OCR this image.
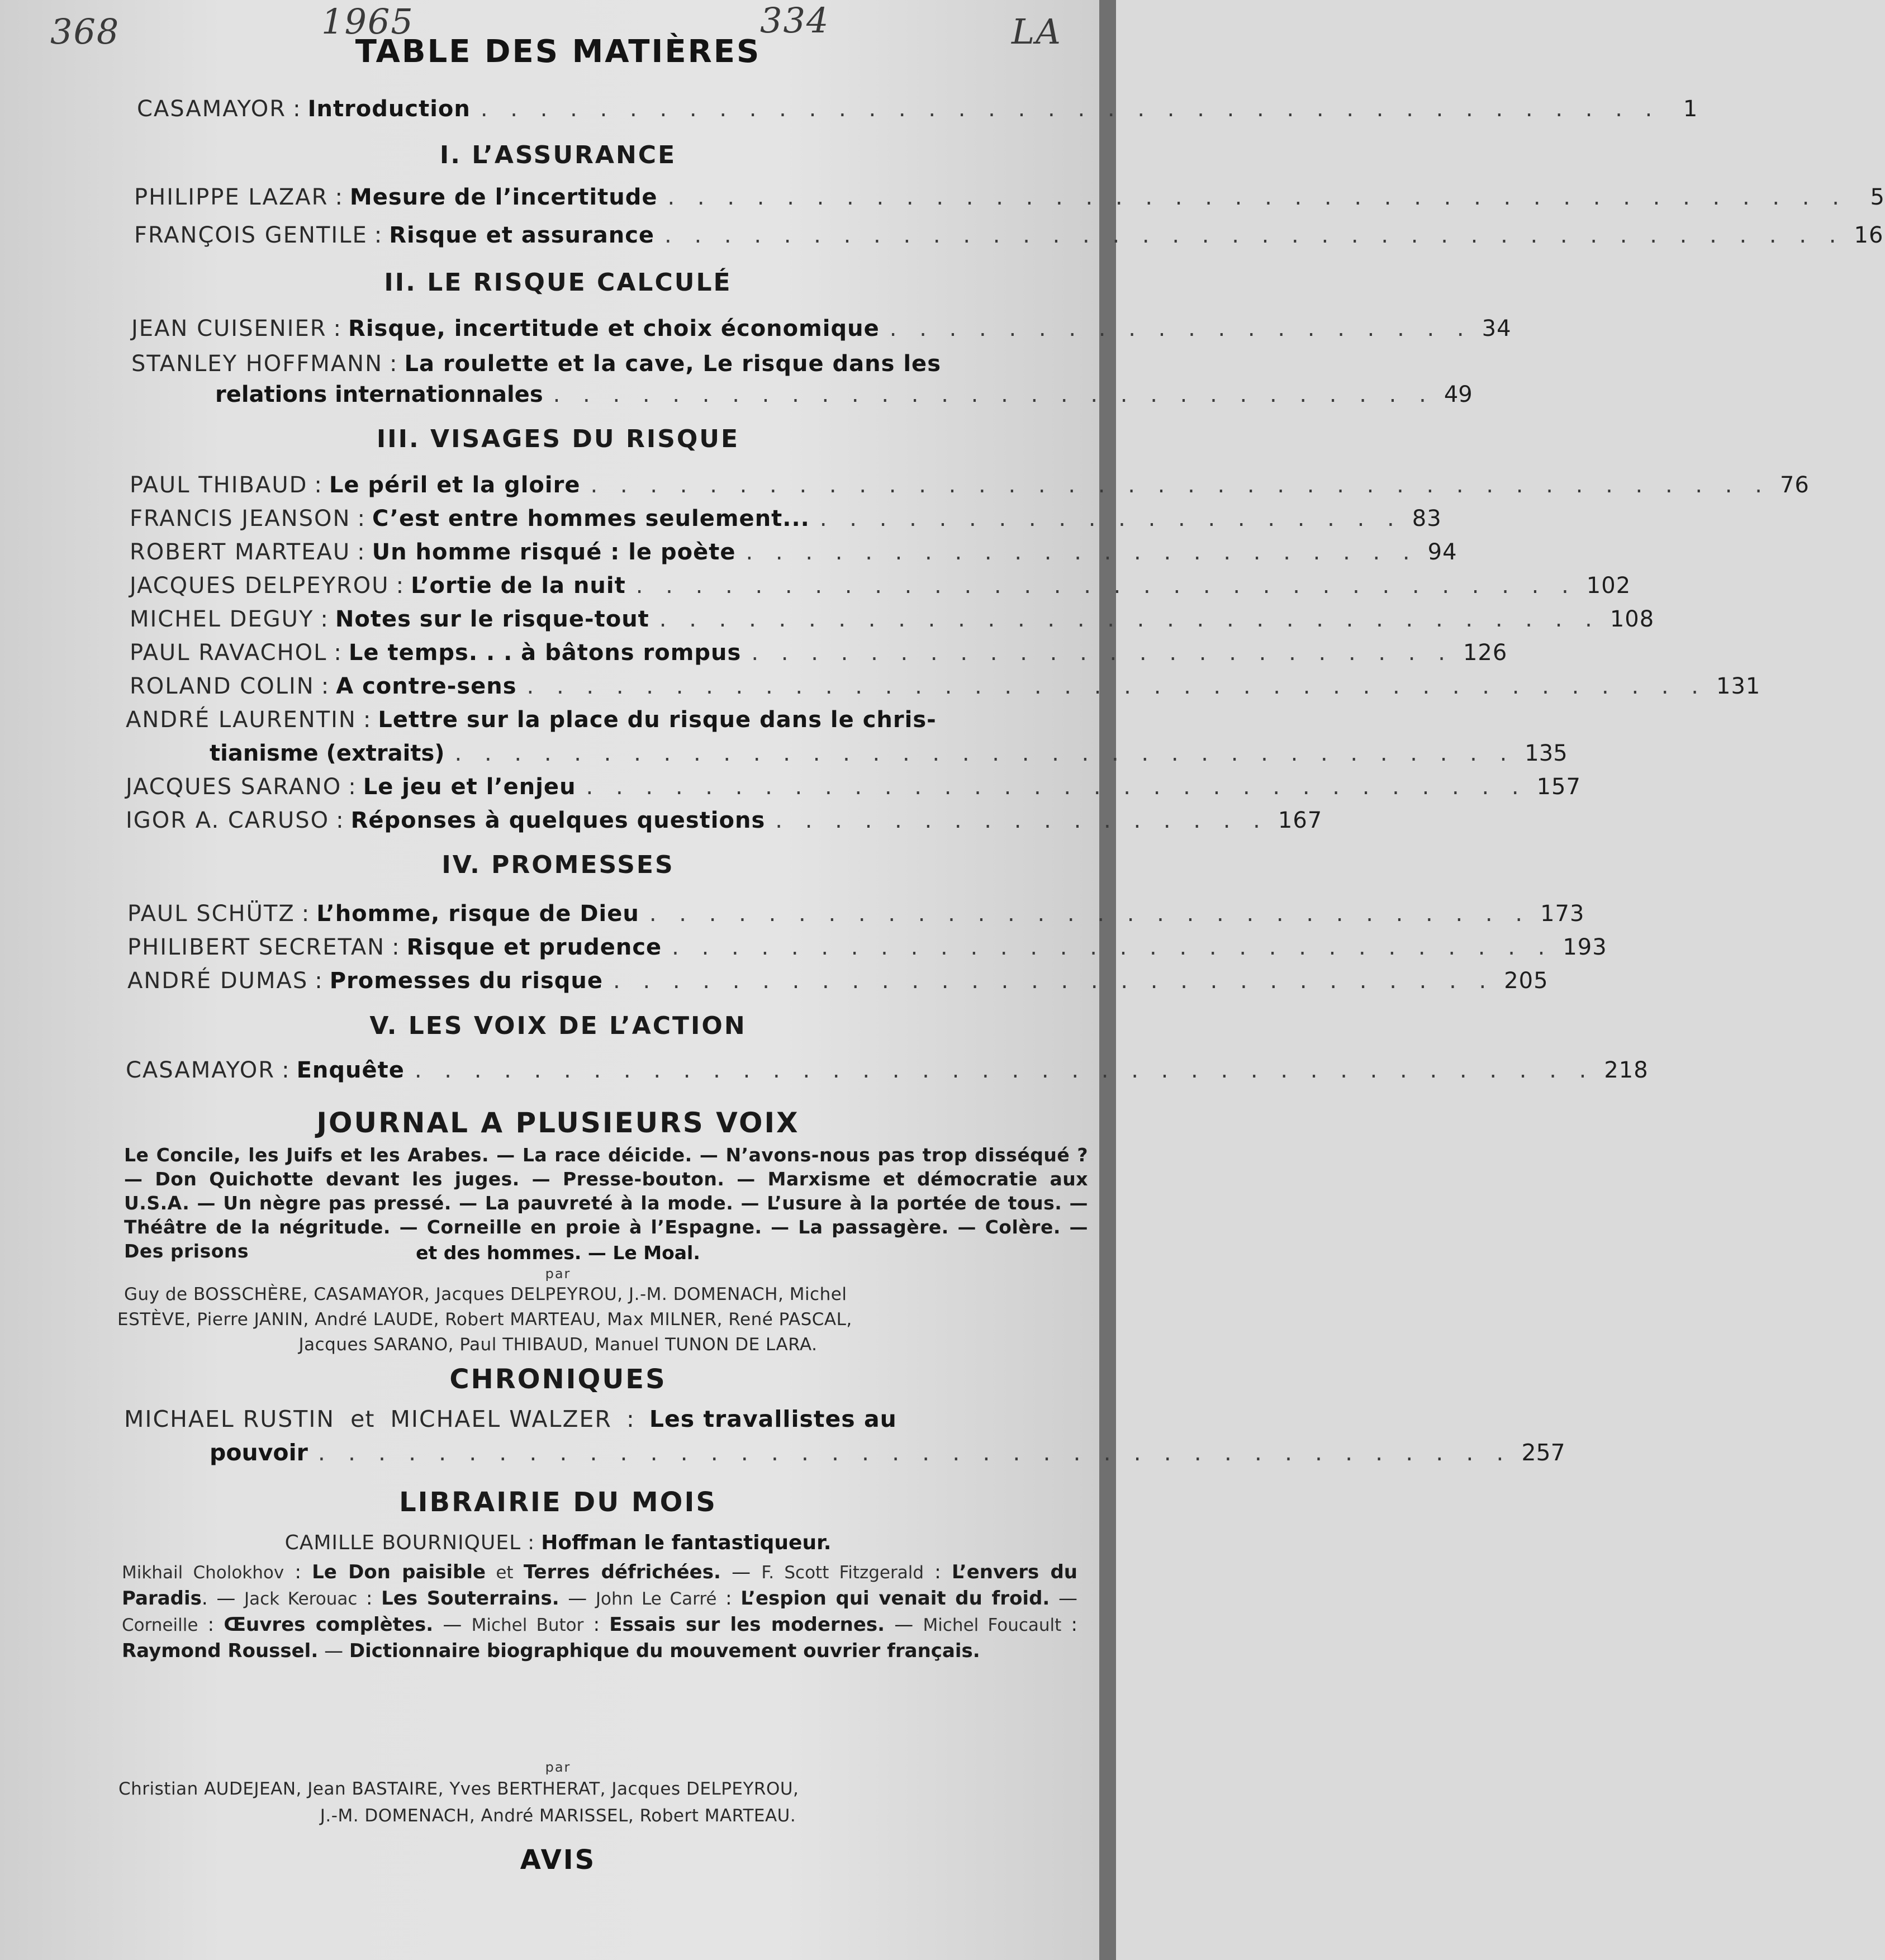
368	1965	334	LA
TABLE DES MATIÈRES
CASAMAYOR : Introduction . . . . . . . . . . . . . . . . . . . . . . . . . . . . . . . . . . . . . . . .	1
I. L’ASSURANCE
PHILIPPE LAZAR : Mesure de l’incertitude . . . . . . . . . . . . . . . . . . . . . . . . . . . . . . . . . . . . . . . .	5
FRANÇOIS GENTILE : Risque et assurance . . . . . . . . . . . . . . . . . . . . . . . . . . . . . . . . . . . . . . . . 16
II. LE RISQUE CALCULÉ
JEAN CUISENIER : Risque, incertitude et choix économique . . . . . . . . . . . . . . . . . . . . 34
STANLEY HOFFMANN : La roulette et la cave, Le risque dans les
relations internationnales . . . . . . . . . . . . . . . . . . . . . . . . . . . . . . 49
III. VISAGES DU RISQUE
PAUL THIBAUD : Le péril et la gloire . . . . . . . . . . . . . . . . . . . . . . . . . . . . . . . . . . . . . . . . 76
FRANCIS JEANSON : C’est entre hommes seulement... . . . . . . . . . . . . . . . . . . . . 83
ROBERT MARTEAU : Un homme risqué : le poète . . . . . . . . . . . . . . . . . . . . . . . 94
JACQUES DELPEYROU : L’ortie de la nuit . . . . . . . . . . . . . . . . . . . . . . . . . . . . . . . . 102
MICHEL DEGUY : Notes sur le risque-tout . . . . . . . . . . . . . . . . . . . . . . . . . . . . . . . . 108
PAUL RAVACHOL : Le temps. . . à bâtons rompus . . . . . . . . . . . . . . . . . . . . . . . . 126
ROLAND COLIN : A contre-sens . . . . . . . . . . . . . . . . . . . . . . . . . . . . . . . . . . . . . . . . 131
ANDRÉ LAURENTIN : Lettre sur la place du risque dans le chris-
tianisme (extraits) . . . . . . . . . . . . . . . . . . . . . . . . . . . . . . . . . . . . 135
JACQUES SARANO : Le jeu et l’enjeu . . . . . . . . . . . . . . . . . . . . . . . . . . . . . . . . 157
IGOR A. CARUSO : Réponses à quelques questions . . . . . . . . . . . . . . . . . 167
IV. PROMESSES
PAUL SCHÜTZ : L’homme, risque de Dieu . . . . . . . . . . . . . . . . . . . . . . . . . . . . . . 173
PHILIBERT SECRETAN : Risque et prudence . . . . . . . . . . . . . . . . . . . . . . . . . . . . . . 193
ANDRÉ DUMAS : Promesses du risque . . . . . . . . . . . . . . . . . . . . . . . . . . . . . . 205
V. LES VOIX DE L’ACTION
CASAMAYOR : Enquête . . . . . . . . . . . . . . . . . . . . . . . . . . . . . . . . . . . . . . . . 218
JOURNAL A PLUSIEURS VOIX
Le Concile, les Juifs et les Arabes. — La race déicide. — N’avons-nous pas trop disséqué ? — Don Quichotte devant les juges. — Presse-bouton. — Marxisme et démocratie aux U.S.A. — Un nègre pas pressé. — La pauvreté à la mode. — L’usure à la portée de tous. — Théâtre de la négritude. — Corneille en proie à l’Espagne. — La passagère. — Colère. — Des prisons	et des hommes. — Le Moal.
par
Guy de BOSSCHÈRE, CASAMAYOR, Jacques DELPEYROU, J.-M. DOMENACH, Michel
ESTÈVE, Pierre JANIN, André LAUDE, Robert MARTEAU, Max MILNER, René PASCAL,
Jacques SARANO, Paul THIBAUD, Manuel TUNON DE LARA.
CHRONIQUES
MICHAEL RUSTIN et MICHAEL WALZER : Les travallistes au
pouvoir . . . . . . . . . . . . . . . . . . . . . . . . . . . . . . . . . . . . . . . . 257
LIBRAIRIE DU MOIS
CAMILLE BOURNIQUEL : Hoffman le fantastiqueur.
Mikhail Cholokhov : Le Don paisible et Terres défrichées. — F. Scott Fitzgerald : L’envers du Paradis. — Jack Kerouac : Les Souterrains. — John Le Carré : L’espion qui venait du froid. — Corneille : Œuvres complètes. — Michel Butor : Essais sur les modernes. — Michel Foucault : Raymond Roussel. — Dictionnaire biographique du mouvement ouvrier français.
par
Christian AUDEJEAN, Jean BASTAIRE, Yves BERTHERAT, Jacques DELPEYROU,
J.-M. DOMENACH, André MARISSEL, Robert MARTEAU.
AVIS
